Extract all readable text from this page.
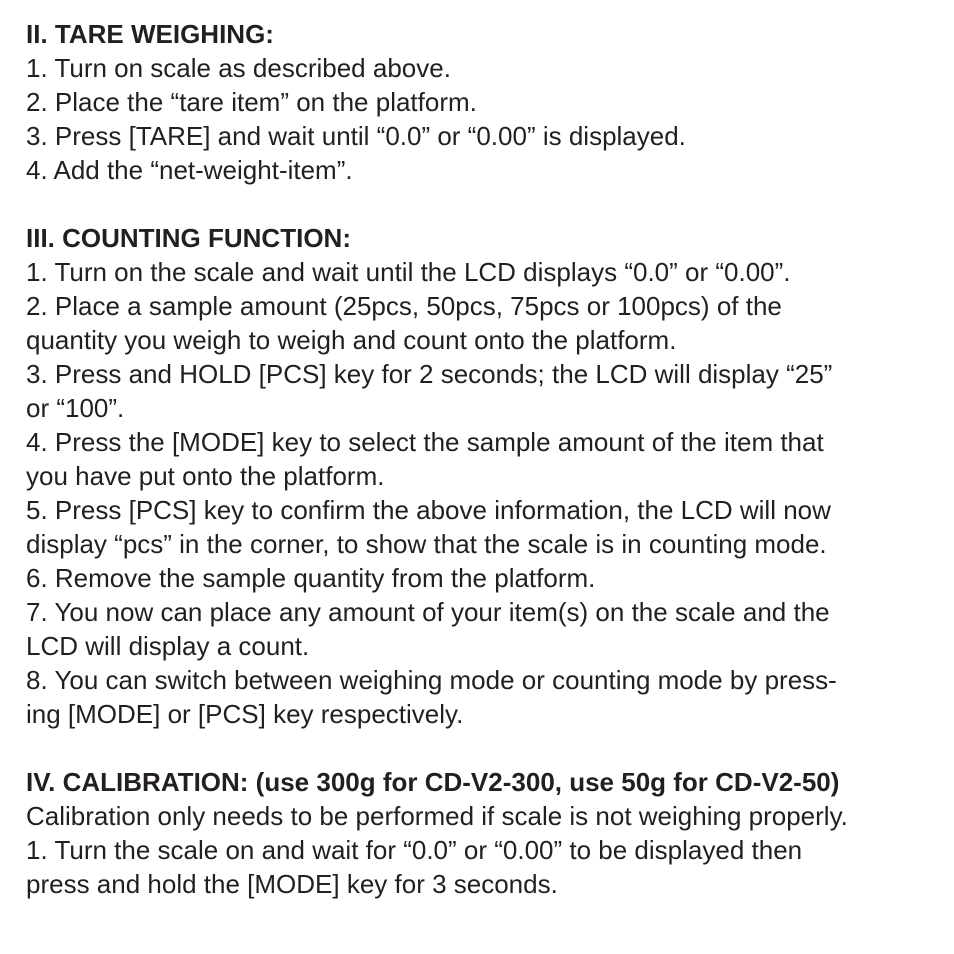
II. TARE WEIGHING:

1. Turn on scale as described above.

2. Place the “tare item” on the platform.

3. Press [TARE] and wait until “0.0” or “0.00” is displayed.

4. Add the “net-weight-item”.

III. COUNTING FUNCTION:

1. Turn on the scale and wait until the LCD displays “0.0” or “0.00”.

2. Place a sample amount (25pcs, 50pcs, 75pcs or 100pcs) of the

quantity you weigh to weigh and count onto the platform.

3. Press and HOLD [PCS] key for 2 seconds; the LCD will display “25”

or “100”.

4. Press the [MODE] key to select the sample amount of the item that

you have put onto the platform.

5. Press [PCS] key to confirm the above information, the LCD will now

display “pcs” in the corner, to show that the scale is in counting mode.

6. Remove the sample quantity from the platform.

7. You now can place any amount of your item(s) on the scale and the

LCD will display a count.

8. You can switch between weighing mode or counting mode by press-

ing [MODE] or [PCS] key respectively.

IV. CALIBRATION: (use 300g for CD-V2-300, use 50g for CD-V2-50)

Calibration only needs to be performed if scale is not weighing properly.

1. Turn the scale on and wait for “0.0” or “0.00” to be displayed then

press and hold the [MODE] key for 3 seconds.
